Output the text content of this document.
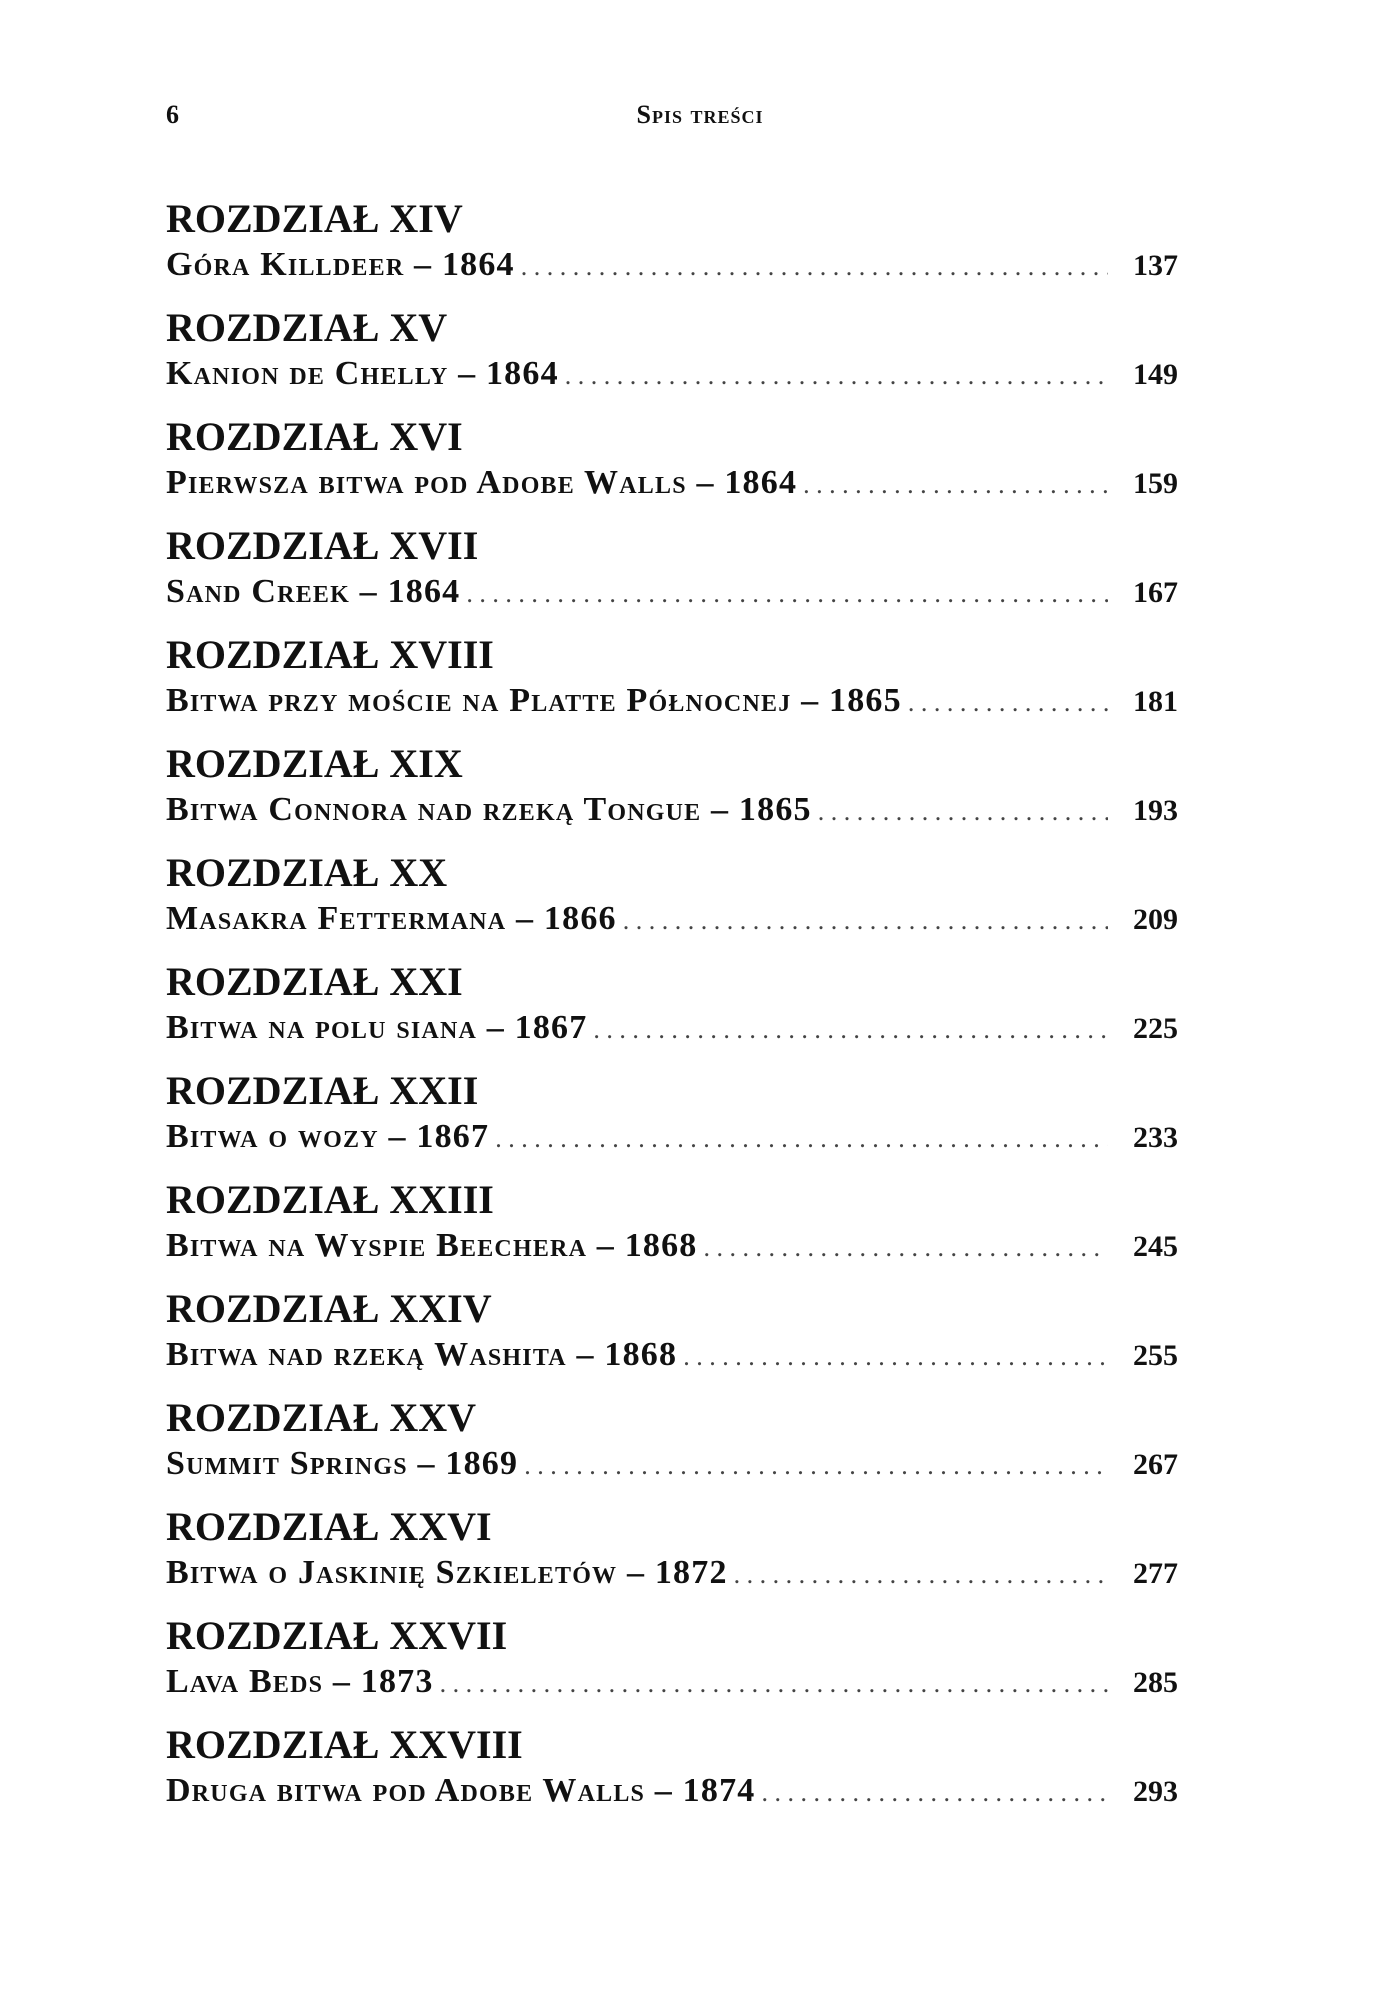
6	Spis treści
ROZDZIAŁ XIV
Góra Killdeer – 1864 . . .	137
ROZDZIAŁ XV
Kanion de Chelly – 1864 . . .	149
ROZDZIAŁ XVI
Pierwsza bitwa pod Adobe Walls – 1864 . . .	159
ROZDZIAŁ XVII
Sand Creek – 1864 . . .	167
ROZDZIAŁ XVIII
Bitwa przy moście na Platte Północnej – 1865 . . .	181
ROZDZIAŁ XIX
Bitwa Connora nad rzeką Tongue – 1865 . . .	193
ROZDZIAŁ XX
Masakra Fettermana – 1866 . . .	209
ROZDZIAŁ XXI
Bitwa na polu siana – 1867 . . .	225
ROZDZIAŁ XXII
Bitwa o wozy – 1867 . . .	233
ROZDZIAŁ XXIII
Bitwa na Wyspie Beechera – 1868 . . .	245
ROZDZIAŁ XXIV
Bitwa nad rzeką Washita – 1868 . . .	255
ROZDZIAŁ XXV
Summit Springs – 1869 . . .	267
ROZDZIAŁ XXVI
Bitwa o Jaskinię Szkieletów – 1872 . . .	277
ROZDZIAŁ XXVII
Lava Beds – 1873 . . .	285
ROZDZIAŁ XXVIII
Druga bitwa pod Adobe Walls – 1874 . . .	293
